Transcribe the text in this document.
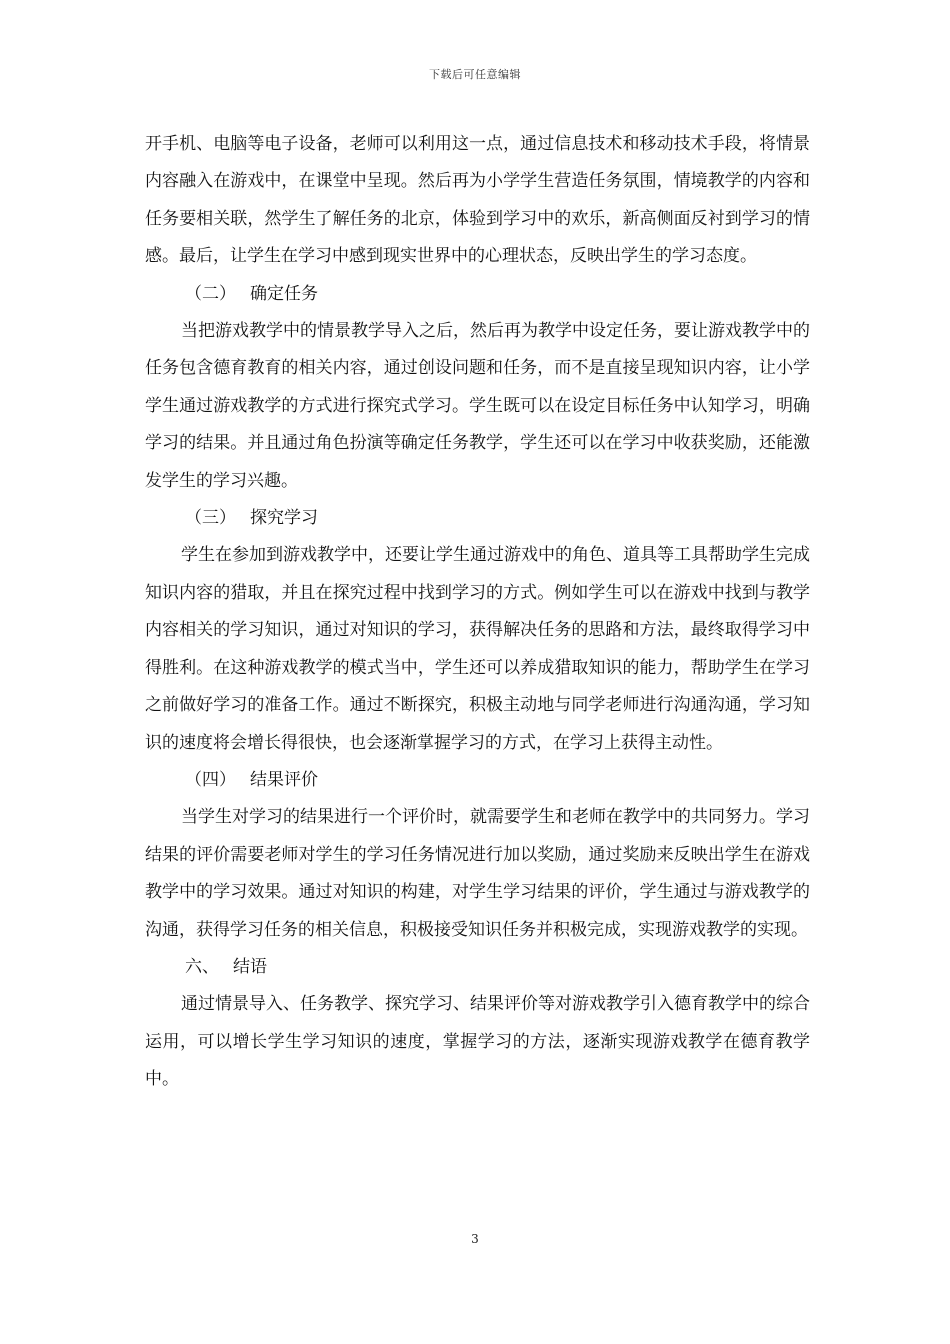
下载后可任意编辑

开手机、电脑等电子设备，老师可以利用这一点，通过信息技术和移动技术手段，将情景内容融入在游戏中，在课堂中呈现。然后再为小学学生营造任务氛围，情境教学的内容和任务要相关联，然学生了解任务的北京，体验到学习中的欢乐，新高侧面反衬到学习的情感。最后，让学生在学习中感到现实世界中的心理状态，反映出学生的学习态度。

（二） 确定任务

当把游戏教学中的情景教学导入之后，然后再为教学中设定任务，要让游戏教学中的任务包含德育教育的相关内容，通过创设问题和任务，而不是直接呈现知识内容，让小学学生通过游戏教学的方式进行探究式学习。学生既可以在设定目标任务中认知学习，明确学习的结果。并且通过角色扮演等确定任务教学，学生还可以在学习中收获奖励，还能激发学生的学习兴趣。

（三） 探究学习

学生在参加到游戏教学中，还要让学生通过游戏中的角色、道具等工具帮助学生完成知识内容的猎取，并且在探究过程中找到学习的方式。例如学生可以在游戏中找到与教学内容相关的学习知识，通过对知识的学习，获得解决任务的思路和方法，最终取得学习中得胜利。在这种游戏教学的模式当中，学生还可以养成猎取知识的能力，帮助学生在学习之前做好学习的准备工作。通过不断探究，积极主动地与同学老师进行沟通沟通，学习知识的速度将会增长得很快，也会逐渐掌握学习的方式，在学习上获得主动性。

（四） 结果评价

当学生对学习的结果进行一个评价时，就需要学生和老师在教学中的共同努力。学习结果的评价需要老师对学生的学习任务情况进行加以奖励，通过奖励来反映出学生在游戏教学中的学习效果。通过对知识的构建，对学生学习结果的评价，学生通过与游戏教学的沟通，获得学习任务的相关信息，积极接受知识任务并积极完成，实现游戏教学的实现。

六、 结语

通过情景导入、任务教学、探究学习、结果评价等对游戏教学引入德育教学中的综合运用，可以增长学生学习知识的速度，掌握学习的方法，逐渐实现游戏教学在德育教学中。

3
